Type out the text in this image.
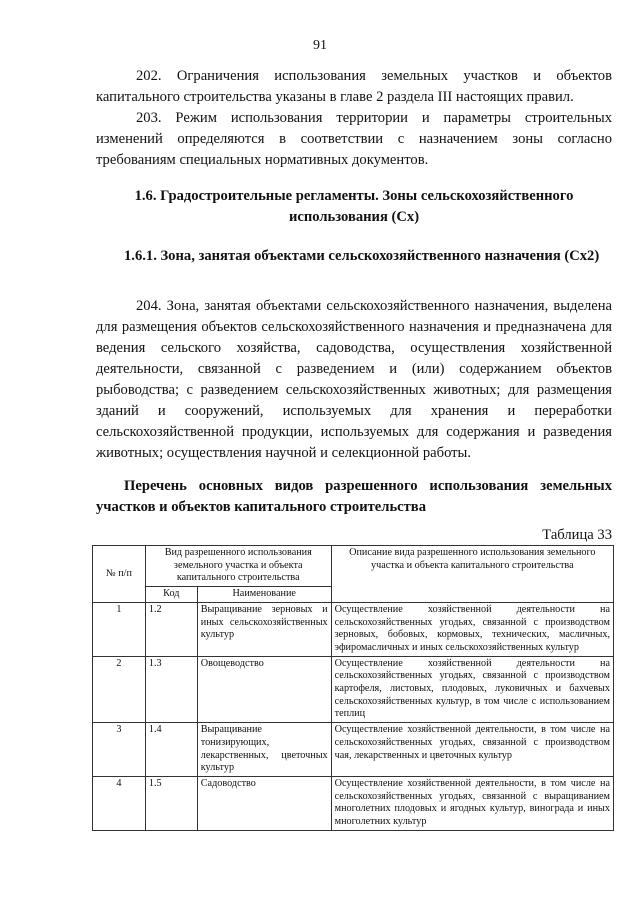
91

202. Ограничения использования земельных участков и объектов капитального строительства указаны в главе 2 раздела III настоящих правил.

203. Режим использования территории и параметры строительных изменений определяются в соответствии с назначением зоны согласно требованиям специальных нормативных документов.

1.6. Градостроительные регламенты. Зоны сельскохозяйственного использования (Сх)

1.6.1. Зона, занятая объектами сельскохозяйственного назначения (Сх2)

204. Зона, занятая объектами сельскохозяйственного назначения, выделена для размещения объектов сельскохозяйственного назначения и предназначена для ведения сельского хозяйства, садоводства, осуществления хозяйственной деятельности, связанной с разведением и (или) содержанием объектов рыбоводства; с разведением сельскохозяйственных животных; для размещения зданий и сооружений, используемых для хранения и переработки сельскохозяйственной продукции, используемых для содержания и разведения животных; осуществления научной и селекционной работы.

Перечень основных видов разрешенного использования земельных участков и объектов капитального строительства

Таблица 33
№ п/п	Вид разрешенного использования земельного участка и объекта капитального строительства		Описание вида разрешенного использования земельного участка и объекта капитального строительства
	Код	Наименование	
1	1.2	Выращивание зерновых и иных сельскохозяйственных культур	Осуществление хозяйственной деятельности на сельскохозяйственных угодьях, связанной с производством зерновых, бобовых, кормовых, технических, масличных, эфиромасличных и иных сельскохозяйственных культур
2	1.3	Овощеводство	Осуществление хозяйственной деятельности на сельскохозяйственных угодьях, связанной с производством картофеля, листовых, плодовых, луковичных и бахчевых сельскохозяйственных культур, в том числе с использованием теплиц
3	1.4	Выращивание тонизирующих, лекарственных, цветочных культур	Осуществление хозяйственной деятельности, в том числе на сельскохозяйственных угодьях, связанной с производством чая, лекарственных и цветочных культур
4	1.5	Садоводство	Осуществление хозяйственной деятельности, в том числе на сельскохозяйственных угодьях, связанной с выращиванием многолетних плодовых и ягодных культур, винограда и иных многолетних культур
